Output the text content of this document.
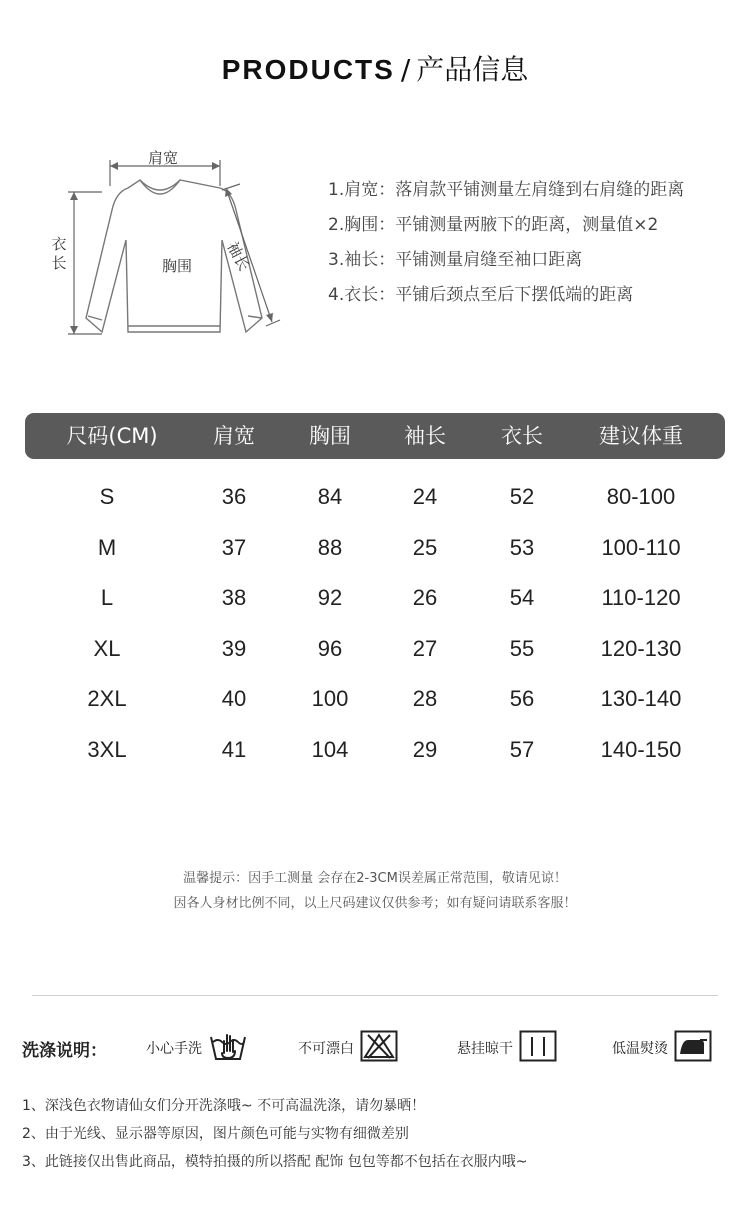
PRODUCTS / 产品信息
肩宽
胸围
衣长	袖长
1.肩宽：落肩款平铺测量左肩缝到右肩缝的距离
2.胸围：平铺测量两腋下的距离，测量值×2
3.袖长：平铺测量肩缝至袖口距离
4.衣长：平铺后颈点至后下摆低端的距离
尺码(CM)	肩宽	胸围	袖长	衣长	建议体重
S	36	84	24	52	80-100
M	37	88	25	53	100-110
L	38	92	26	54	110-120
XL	39	96	27	55	120-130
2XL	40	100	28	56	130-140
3XL	41	104	29	57	140-150
温馨提示：因手工测量 会存在2-3CM误差属正常范围，敬请见谅！
因各人身材比例不同，以上尺码建议仅供参考；如有疑问请联系客服！
洗涤说明：	小心手洗	不可漂白	悬挂晾干	低温熨烫
1、深浅色衣物请仙女们分开洗涤哦~ 不可高温洗涤，请勿暴晒！
2、由于光线、显示器等原因，图片颜色可能与实物有细微差别
3、此链接仅出售此商品，模特拍摄的所以搭配 配饰 包包等都不包括在衣服内哦~
